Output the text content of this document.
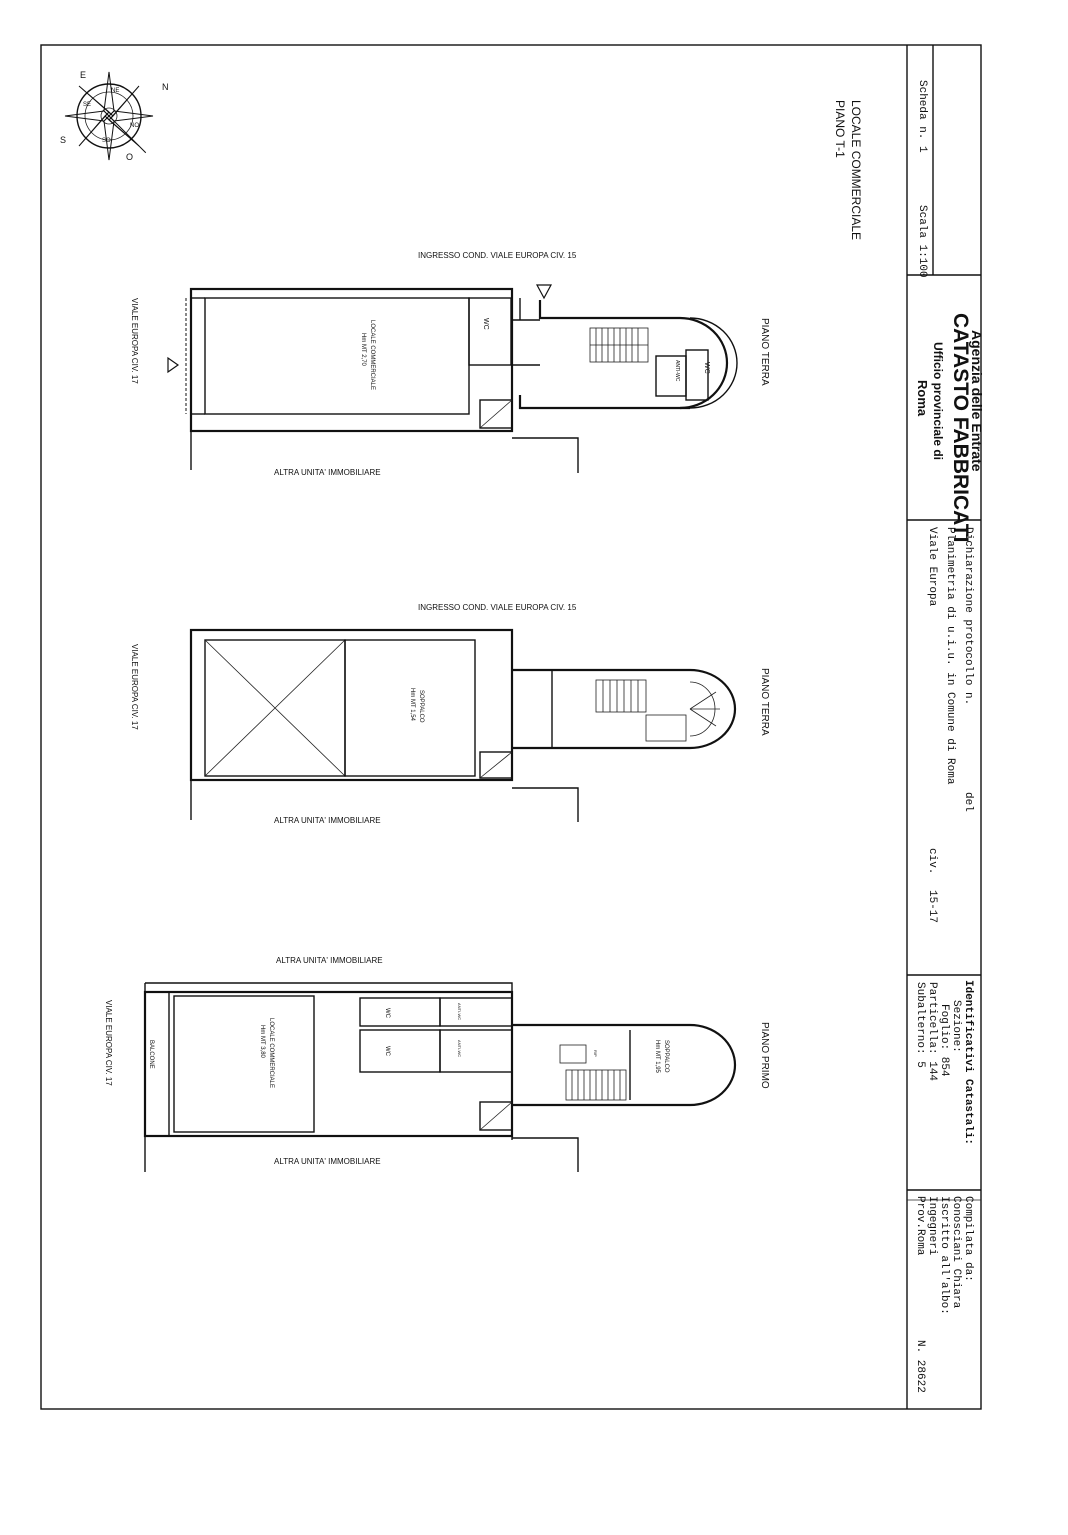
Scheda n. 1
Scala 1:100
Agenzia delle Entrate
CATASTO FABBRICATI
Ufficio provinciale di
Roma
Dichiarazione protocollo n.
del
Planimetria di u.i.u. in Comune di Roma
Viale Europa
civ.
15-17
Identificativi Catastali:
Sezione:
Foglio: 854
Particella: 144
Subalterno: 5
Compilata da:
Conosciani Chiara
Iscritto all'albo:
Ingegneri
Prov.Roma
N. 28622
N
E
S
O
NE
NO
SE
SO	LOCALE COMMERCIALE
PIANO T-1
INGRESSO COND. VIALE EUROPA CIV. 15
ALTRA UNITA' IMMOBILIARE
PIANO TERRA
VIALE EUROPA CIV. 17	LOCALE COMMERCIALE
Hm MT 2,70
WC
WC
ANTI-WC
INGRESSO COND. VIALE EUROPA CIV. 15
ALTRA UNITA' IMMOBILIARE
PIANO TERRA
VIALE EUROPA CIV. 17	SOPPALCO
Hm MT 1,54
ALTRA UNITA' IMMOBILIARE
ALTRA UNITA' IMMOBILIARE
PIANO PRIMO
VIALE EUROPA CIV. 17	BALCONE	LOCALE COMMERCIALE
Hm MT 3,80
WC
WC
ANTI-WC
ANTI-WC	SOPPALCO
Hm MT 1,95
RIP
